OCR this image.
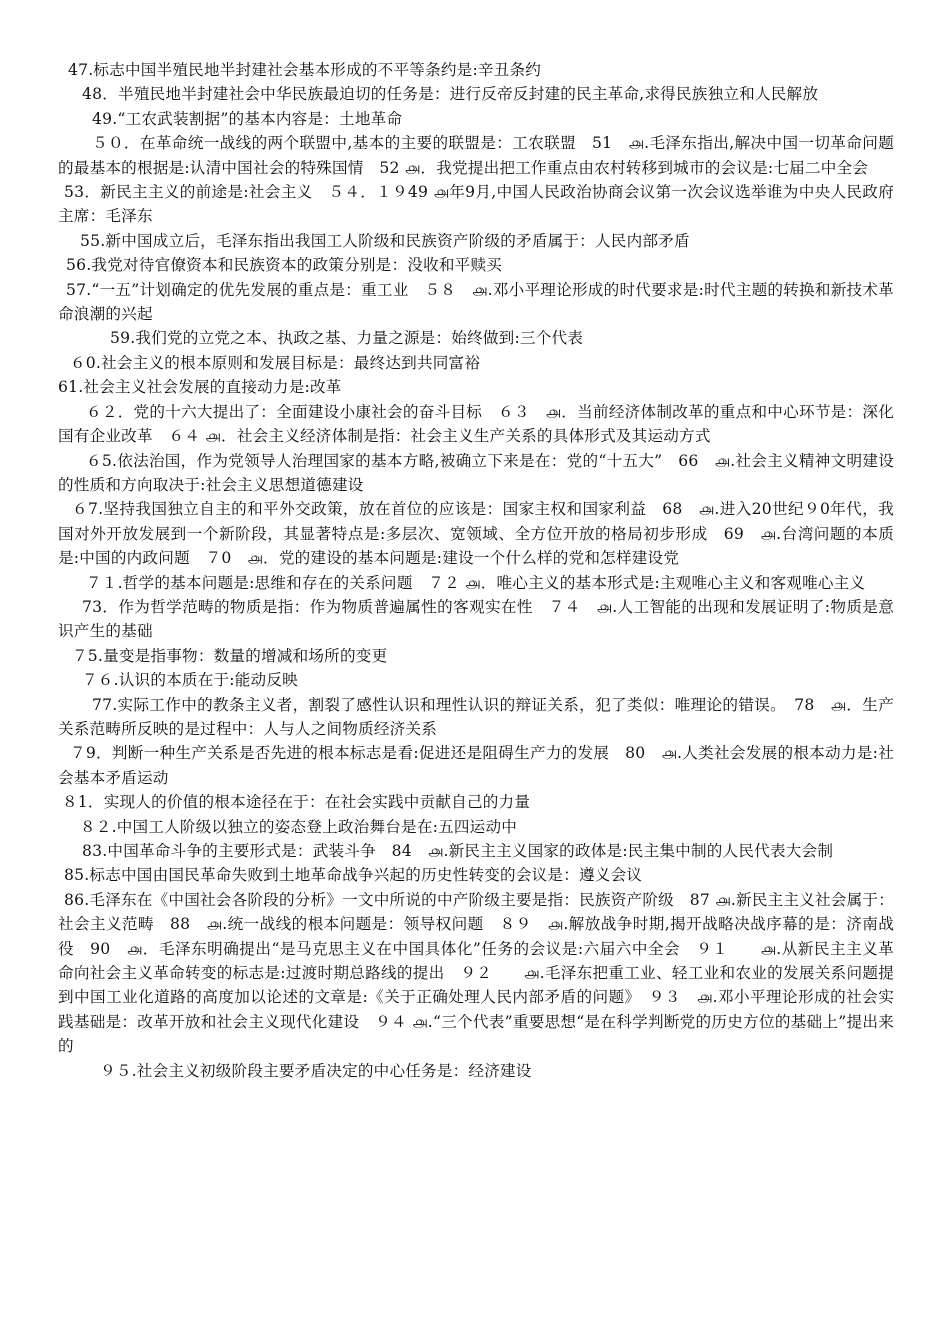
47.标志中国半殖民地半封建社会基本形成的不平等条约是:辛丑条约

48．半殖民地半封建社会中华民族最迫切的任务是：进行反帝反封建的民主革命,求得民族独立和人民解放

49.“工农武装割据”的基本内容是：土地革命

５０．在革命统一战线的两个联盟中,基本的主要的联盟是：工农联盟　51　௮.毛泽东指出,解决中国一切革命问题的最基本的根据是:认清中国社会的特殊国情　52 ௮．我党提出把工作重点由农村转移到城市的会议是:七届二中全会

53．新民主主义的前途是:社会主义　５４．１９49 ௮年9月,中国人民政治协商会议第一次会议选举谁为中央人民政府主席：毛泽东

55.新中国成立后，毛泽东指出我国工人阶级和民族资产阶级的矛盾属于：人民内部矛盾

56.我党对待官僚资本和民族资本的政策分别是：没收和平赎买

57.“一五”计划确定的优先发展的重点是：重工业　５８　௮.邓小平理论形成的时代要求是:时代主题的转换和新技术革命浪潮的兴起

59.我们党的立党之本、执政之基、力量之源是：始终做到:三个代表

６0.社会主义的根本原则和发展目标是：最终达到共同富裕

61.社会主义社会发展的直接动力是:改革

６２．党的十六大提出了：全面建设小康社会的奋斗目标　６３　௮．当前经济体制改革的重点和中心环节是：深化国有企业改革　６４ ௮．社会主义经济体制是指：社会主义生产关系的具体形式及其运动方式

６5.依法治国，作为党领导人治理国家的基本方略,被确立下来是在：党的“十五大”　66　௮.社会主义精神文明建设的性质和方向取决于:社会主义思想道德建设

６7.坚持我国独立自主的和平外交政策，放在首位的应该是：国家主权和国家利益　68　௮.进入20世纪９0年代，我国对外开放发展到一个新阶段，其显著特点是:多层次、宽领域、全方位开放的格局初步形成　69　௮.台湾问题的本质是:中国的内政问题　７0　௮．党的建设的基本问题是:建设一个什么样的党和怎样建设党

７１.哲学的基本问题是:思维和存在的关系问题　７２ ௮．唯心主义的基本形式是:主观唯心主义和客观唯心主义

73．作为哲学范畴的物质是指：作为物质普遍属性的客观实在性　７４　௮.人工智能的出现和发展证明了:物质是意识产生的基础

７5.量变是指事物：数量的增减和场所的变更

７６.认识的本质在于:能动反映

77.实际工作中的教条主义者，割裂了感性认识和理性认识的辩证关系，犯了类似：唯理论的错误。　78　௮．生产关系范畴所反映的是过程中：人与人之间物质经济关系

７9．判断一种生产关系是否先进的根本标志是看:促进还是阻碍生产力的发展　80　௮.人类社会发展的根本动力是:社会基本矛盾运动

８1．实现人的价值的根本途径在于：在社会实践中贡献自己的力量

８２.中国工人阶级以独立的姿态登上政治舞台是在:五四运动中

83.中国革命斗争的主要形式是：武装斗争　84　௮.新民主主义国家的政体是:民主集中制的人民代表大会制

85.标志中国由国民革命失败到土地革命战争兴起的历史性转变的会议是：遵义会议

86.毛泽东在《中国社会各阶段的分析》一文中所说的中产阶级主要是指：民族资产阶级　87 ௮.新民主主义社会属于：社会主义范畴　88　௮.统一战线的根本问题是：领导权问题　８９　௮.解放战争时期,揭开战略决战序幕的是：济南战役　90　௮．毛泽东明确提出“是马克思主义在中国具体化”任务的会议是:六届六中全会　９１　　௮.从新民主主义革命向社会主义革命转变的标志是:过渡时期总路线的提出　９２　　௮.毛泽东把重工业、轻工业和农业的发展关系问题提到中国工业化道路的高度加以论述的文章是:《关于正确处理人民内部矛盾的问题》　９３　௮.邓小平理论形成的社会实践基础是：改革开放和社会主义现代化建设　９４ ௮.“三个代表”重要思想“是在科学判断党的历史方位的基础上”提出来的

９５.社会主义初级阶段主要矛盾决定的中心任务是：经济建设
